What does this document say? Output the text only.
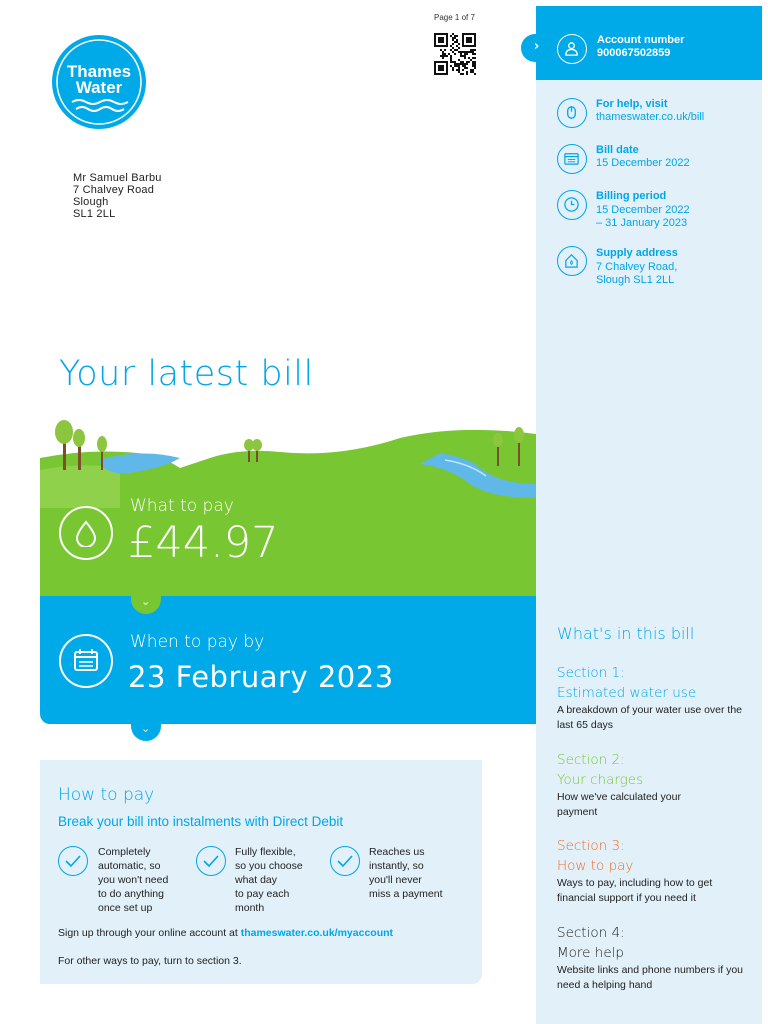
Thames
Water
Page 1 of 7
Mr Samuel Barbu
7 Chalvey Road
Slough
SL1 2LL
Your latest bill
›	Account number
900067502859
For help, visit
thameswater.co.uk/bill
Bill date
15 December 2022
Billing period
15 December 2022
– 31 January 2023
Supply address
7 Chalvey Road,
Slough SL1 2LL
What's in this bill
Section 1:
Estimated water use
A breakdown of your water use over the last 65 days
Section 2:
Your charges
How we've calculated your payment
Section 3:
How to pay
Ways to pay, including how to get financial support if you need it
Section 4:
More help
Website links and phone numbers if you need a helping hand
What to pay
£44.97
⌄
When to pay by
23 February 2023
⌄
How to pay
Break your bill into instalments with Direct Debit
Completely
automatic, so
you won't need
to do anything
once set up
Fully flexible,
so you choose
what day
to pay each
month
Reaches us
instantly, so
you'll never
miss a payment
Sign up through your online account at thameswater.co.uk/myaccount
For other ways to pay, turn to section 3.
